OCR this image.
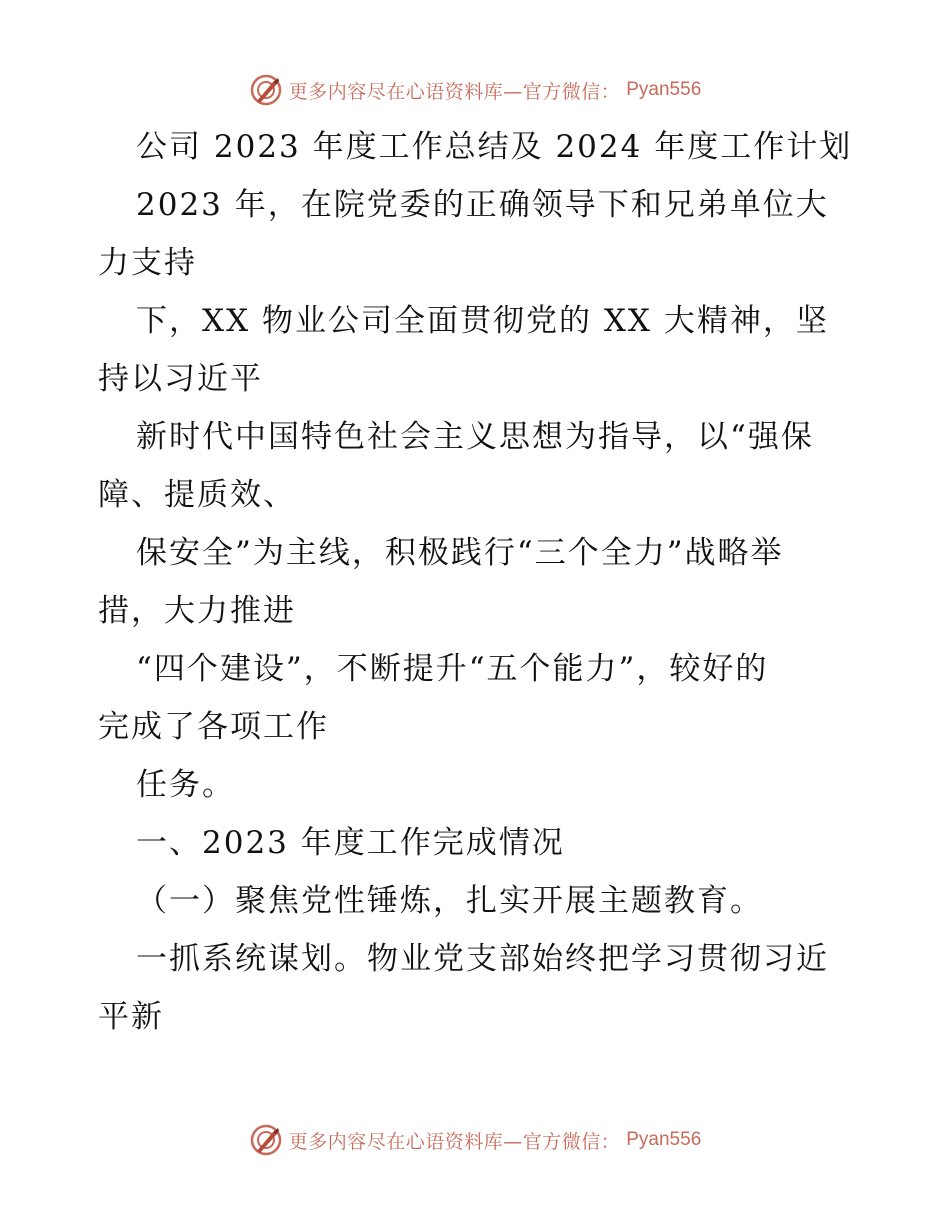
更多内容尽在心语资料库—官方微信： Pyan556
公司 2023 年度工作总结及 2024 年度工作计划
2023 年，在院党委的正确领导下和兄弟单位大
力支持
下，XX 物业公司全面贯彻党的 XX 大精神，坚
持以习近平
新时代中国特色社会主义思想为指导，以“强保
障、提质效、
保安全”为主线，积极践行“三个全力”战略举
措，大力推进
“四个建设”，不断提升“五个能力”，较好的
完成了各项工作
任务。
一、2023 年度工作完成情况
（一）聚焦党性锤炼，扎实开展主题教育。
一抓系统谋划。物业党支部始终把学习贯彻习近
平新
更多内容尽在心语资料库—官方微信： Pyan556
